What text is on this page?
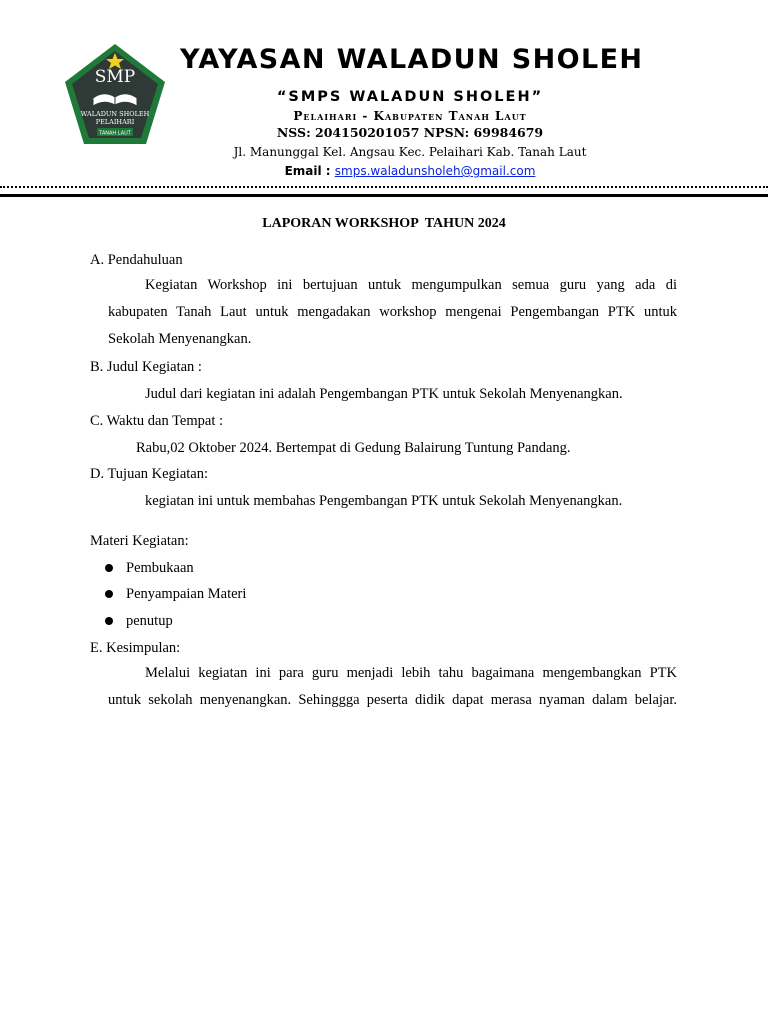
SMP
WALADUN SHOLEH
PELAIHARI
TANAH LAUT
YAYASAN WALADUN SHOLEH
“SMPS WALADUN SHOLEH”
Pelaihari - Kabupaten Tanah Laut
NSS: 204150201057 NPSN: 69984679
Jl. Manunggal Kel. Angsau Kec. Pelaihari Kab. Tanah Laut
Email : smps.waladunsholeh@gmail.com
LAPORAN WORKSHOP  TAHUN 2024
A. Pendahuluan
Kegiatan Workshop ini bertujuan untuk mengumpulkan semua guru yang ada di
kabupaten Tanah Laut untuk mengadakan workshop mengenai Pengembangan PTK untuk
Sekolah Menyenangkan.
B. Judul Kegiatan :
Judul dari kegiatan ini adalah Pengembangan PTK untuk Sekolah Menyenangkan.
C. Waktu dan Tempat :
Rabu,02 Oktober 2024. Bertempat di Gedung Balairung Tuntung Pandang.
D. Tujuan Kegiatan:
kegiatan ini untuk membahas Pengembangan PTK untuk Sekolah Menyenangkan.
Materi Kegiatan:
Pembukaan
Penyampaian Materi
penutup
E. Kesimpulan:
Melalui kegiatan ini para guru menjadi lebih tahu bagaimana mengembangkan PTK
untuk sekolah menyenangkan. Sehinggga peserta didik dapat merasa nyaman dalam belajar.
